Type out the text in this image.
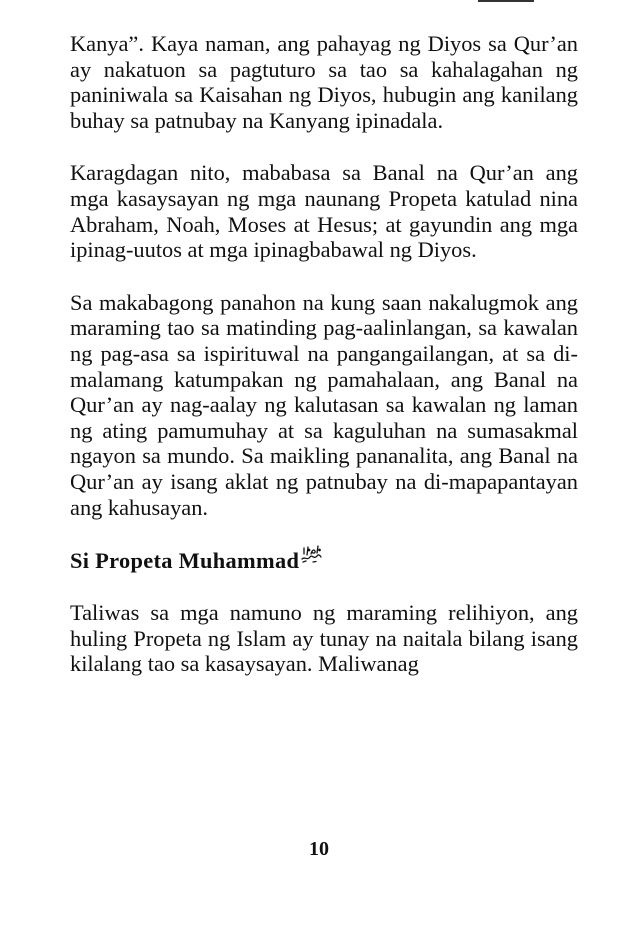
Kanya”. Kaya naman, ang pahayag ng Diyos sa Qur’an ay nakatuon sa pagtuturo sa tao sa kahalagahan ng paniniwala sa Kaisahan ng Diyos, hubugin ang kanilang buhay sa patnubay na Kanyang ipinadala.

Karagdagan nito, mababasa sa Banal na Qur’an ang mga kasaysayan ng mga naunang Propeta katulad nina Abraham, Noah, Moses at Hesus; at gayundin ang mga ipinag-uutos at mga ipinagbabawal ng Diyos.

Sa makabagong panahon na kung saan nakalugmok ang maraming tao sa matinding pag-aalinlangan, sa kawalan ng pag-asa sa ispirituwal na pangangailangan, at sa di-malamang katumpakan ng pamahalaan, ang Banal na Qur’an ay nag-aalay ng kalutasan sa kawalan ng laman ng ating pamumuhay at sa kaguluhan na sumasakmal ngayon sa mundo. Sa maikling pananalita, ang Banal na Qur’an ay isang aklat ng patnubay na di-mapapantayan ang kahusayan.

Si Propeta Muhammad

Taliwas sa mga namuno ng maraming relihiyon, ang huling Propeta ng Islam ay tunay na naitala bilang isang kilalang tao sa kasaysayan. Maliwanag

10
